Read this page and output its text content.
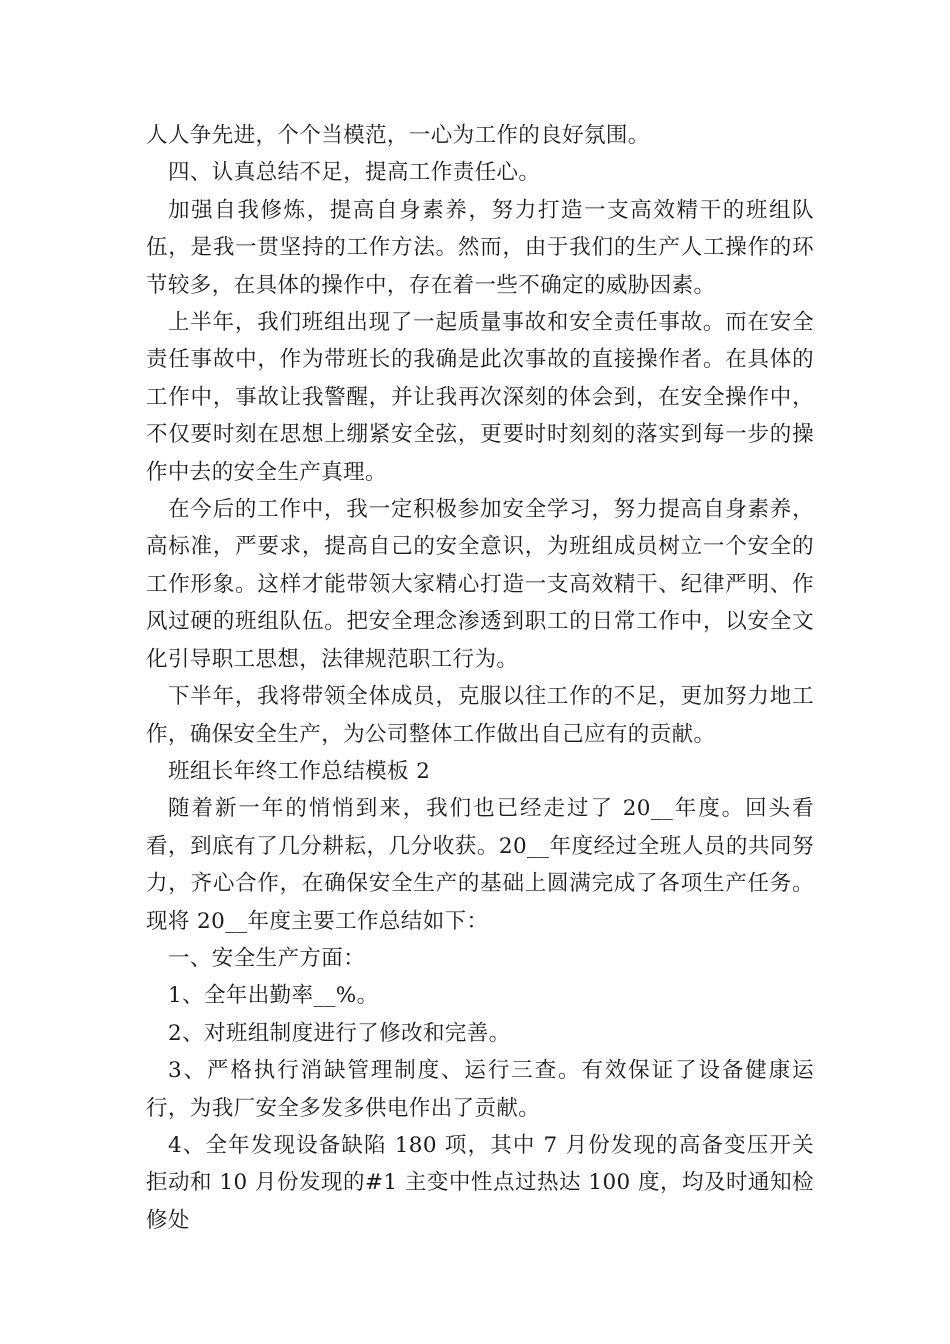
人人争先进，个个当模范，一心为工作的良好氛围。

四、认真总结不足，提高工作责任心。

加强自我修炼，提高自身素养，努力打造一支高效精干的班组队伍，是我一贯坚持的工作方法。然而，由于我们的生产人工操作的环节较多，在具体的操作中，存在着一些不确定的威胁因素。

上半年，我们班组出现了一起质量事故和安全责任事故。而在安全责任事故中，作为带班长的我确是此次事故的直接操作者。在具体的工作中，事故让我警醒，并让我再次深刻的体会到，在安全操作中，不仅要时刻在思想上绷紧安全弦，更要时时刻刻的落实到每一步的操作中去的安全生产真理。

在今后的工作中，我一定积极参加安全学习，努力提高自身素养，高标准，严要求，提高自己的安全意识，为班组成员树立一个安全的工作形象。这样才能带领大家精心打造一支高效精干、纪律严明、作风过硬的班组队伍。把安全理念渗透到职工的日常工作中，以安全文化引导职工思想，法律规范职工行为。

下半年，我将带领全体成员，克服以往工作的不足，更加努力地工作，确保安全生产，为公司整体工作做出自己应有的贡献。

班组长年终工作总结模板 2

随着新一年的悄悄到来，我们也已经走过了 20__年度。回头看看，到底有了几分耕耘，几分收获。20__年度经过全班人员的共同努力，齐心合作，在确保安全生产的基础上圆满完成了各项生产任务。现将 20__年度主要工作总结如下：

一、安全生产方面：

1、全年出勤率__%。

2、对班组制度进行了修改和完善。

3、严格执行消缺管理制度、运行三查。有效保证了设备健康运行，为我厂安全多发多供电作出了贡献。

4、全年发现设备缺陷 180 项，其中 7 月份发现的高备变压开关拒动和 10 月份发现的#1 主变中性点过热达 100 度，均及时通知检修处
